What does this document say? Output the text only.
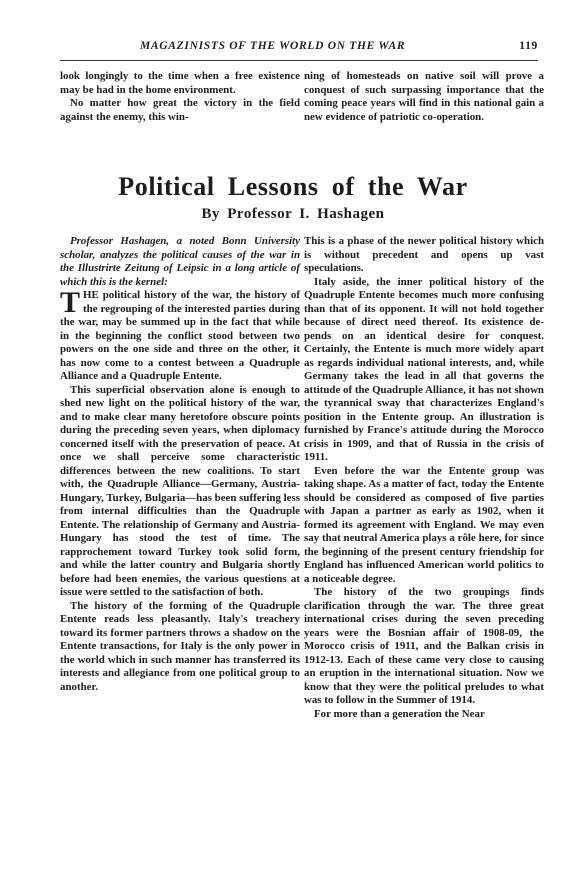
MAGAZINISTS OF THE WORLD ON THE WAR	119

look longingly to the time when a free existence may be had in the home environment.

No matter how great the victory in the field against the enemy, this win-

ning of homesteads on native soil will prove a conquest of such surpassing importance that the coming peace years will find in this national gain a new evidence of patriotic co-operation.

Political Lessons of the War
By Professor I. Hashagen

Professor Hashagen, a noted Bonn University scholar, analyzes the political causes of the war in the Illustrirte Zeitung of Leipsic in a long article of which this is the kernel:

THE political history of the war, the history of the regrouping of the interested parties during the war, may be summed up in the fact that while in the beginning the conflict stood between two powers on the one side and three on the other, it has now come to a contest between a Quadruple Alliance and a Quadruple Entente.

This superficial observation alone is enough to shed new light on the political history of the war, and to make clear many heretofore obscure points during the preceding seven years, when diplomacy concerned itself with the preservation of peace. At once we shall perceive some characteristic differences between the new coalitions. To start with, the Quadruple Alliance—Germany, Austria-Hungary, Turkey, Bulgaria—has been suffering less from internal difficulties than the Quadruple Entente. The relationship of Germany and Austria-Hungary has stood the test of time. The rapprochement toward Turkey took solid form, and while the latter country and Bulgaria shortly before had been enemies, the various questions at issue were settled to the satisfaction of both.

The history of the forming of the Quadruple Entente reads less pleasantly. Italy's treachery toward its former partners throws a shadow on the Entente transactions, for Italy is the only power in the world which in such manner has transferred its interests and allegiance from one political group to another.

This is a phase of the newer political history which is without precedent and opens up vast speculations.

Italy aside, the inner political history of the Quadruple Entente becomes much more confusing than that of its opponent. It will not hold together because of direct need thereof. Its existence depends on an identical desire for conquest. Certainly, the Entente is much more widely apart as regards individual national interests, and, while Germany takes the lead in all that governs the attitude of the Quadruple Alliance, it has not shown the tyrannical sway that characterizes England's position in the Entente group. An illustration is furnished by France's attitude during the Morocco crisis in 1909, and that of Russia in the crisis of 1911.

Even before the war the Entente group was taking shape. As a matter of fact, today the Entente should be considered as composed of five parties with Japan a partner as early as 1902, when it formed its agreement with England. We may even say that neutral America plays a rôle here, for since the beginning of the present century friendship for England has influenced American world politics to a noticeable degree.

The history of the two groupings finds clarification through the war. The three great international crises during the seven preceding years were the Bosnian affair of 1908-09, the Morocco crisis of 1911, and the Balkan crisis in 1912-13. Each of these came very close to causing an eruption in the international situation. Now we know that they were the political preludes to what was to follow in the Summer of 1914.

For more than a generation the Near
